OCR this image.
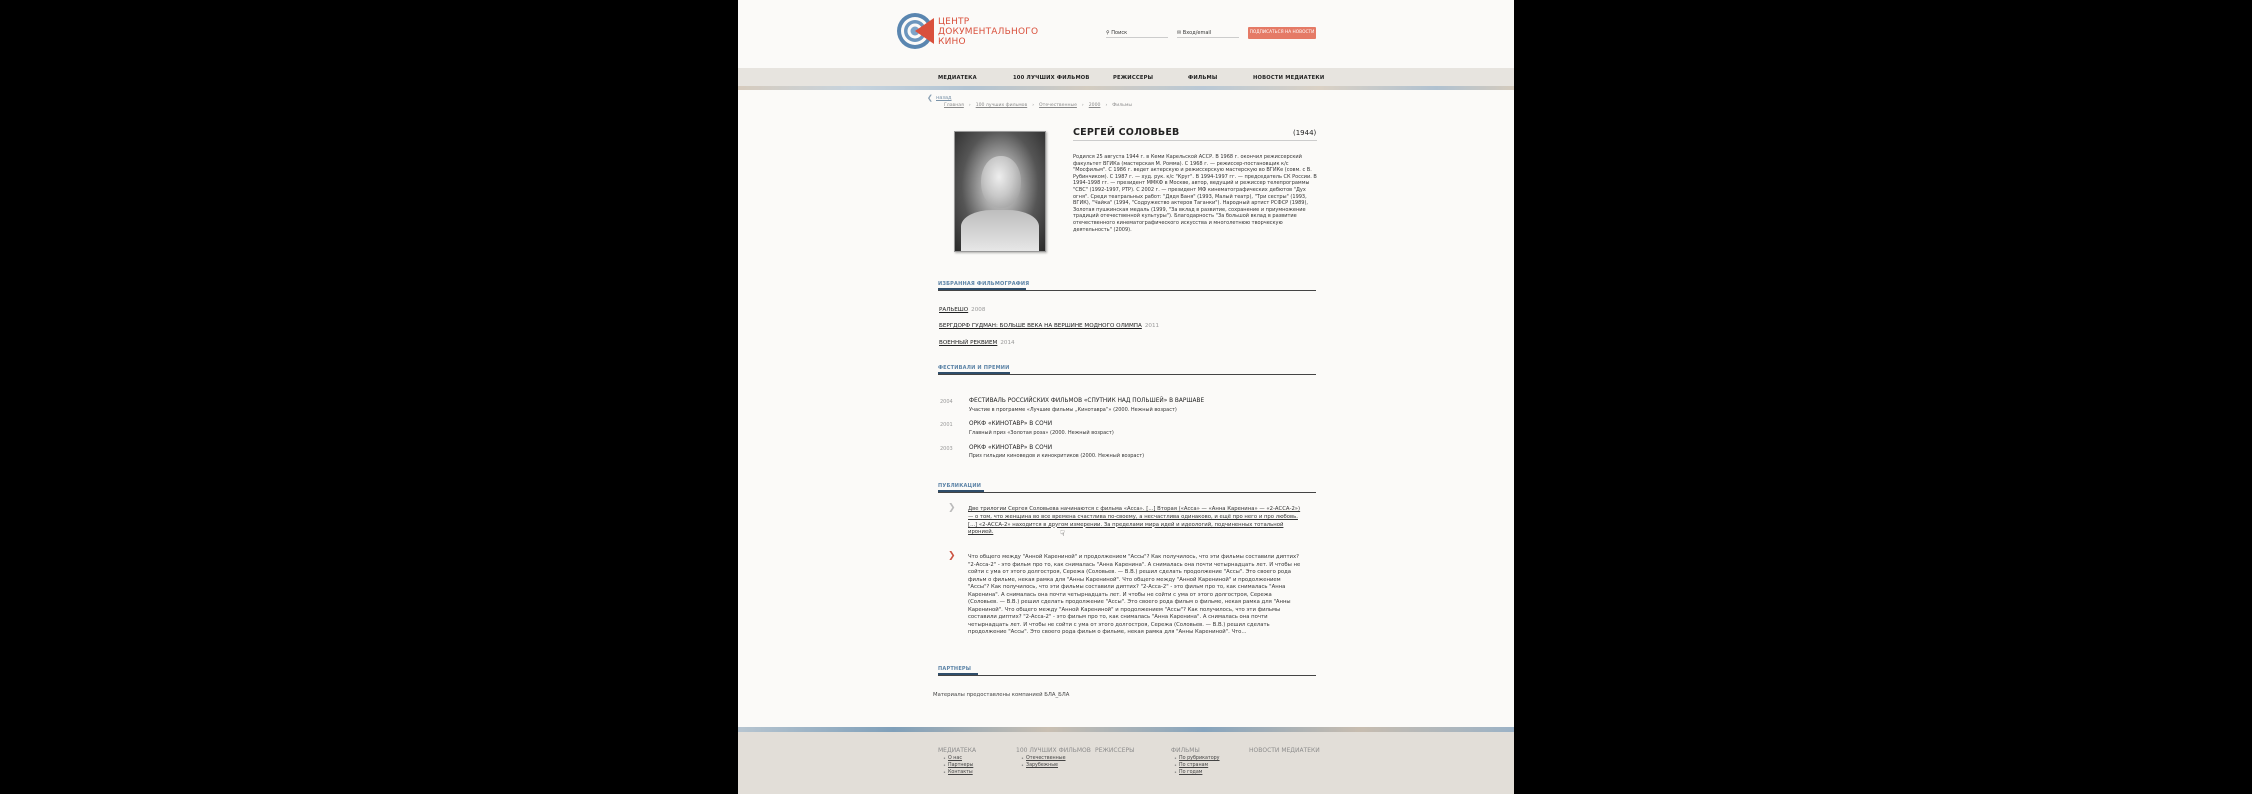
ЦЕНТР
ДОКУМЕНТАЛЬНОГО
КИНО
⚲ Поиск	✉ Вход/email	ПОДПИСАТЬСЯ НА НОВОСТИ
МЕДИАТЕКА	100 ЛУЧШИХ ФИЛЬМОВ	РЕЖИССЕРЫ	ФИЛЬМЫ	НОВОСТИ МЕДИАТЕКИ
❮ назад
Главная › 100 лучших фильмов › Отечественные › 2000 › Фильмы
СЕРГЕЙ СОЛОВЬЕВ	(1944)
Родился 25 августа 1944 г. в Кеми Карельской АССР. В 1968 г. окончил режиссерский факультет ВГИКа (мастерская М. Ромма). С 1968 г. — режиссер-постановщик к/с "Мосфильм". С 1986 г. ведет актерскую и режиссерскую мастерскую во ВГИКе (совм. с В. Рубинчиком). С 1987 г. — худ. рук. к/с "Круг". В 1994-1997 гг. — председатель СК России. В 1994-1998 гг. — президент ММКФ в Москве, автор, ведущий и режиссер телепрограммы "СВС" (1992-1997, РТР). С 2002 г. — президент МФ кинематографических дебютов "Дух огня". Среди театральных работ: "Дядя Ваня" (1993, Малый театр), "Три сестры" (1993, ВГИК), "Чайка" (1994, "Содружество актеров Таганки"). Народный артист РСФСР (1989), Золотая пушкинская медаль (1999, "За вклад в развитие, сохранение и приумножение традиций отечественной культуры"). Благодарность "За большой вклад в развитие отечественного кинематографического искусства и многолетнюю творческую деятельность" (2009).
ИЗБРАННАЯ ФИЛЬМОГРАФИЯ
РАЛЬЕШО 2008
БЕРГДОРФ ГУДМАН: БОЛЬШЕ ВЕКА НА ВЕРШИНЕ МОДНОГО ОЛИМПА 2011
ВОЕННЫЙ РЕКВИЕМ 2014
ФЕСТИВАЛИ И ПРЕМИИ
2004	ФЕСТИВАЛЬ РОССИЙСКИХ ФИЛЬМОВ «СПУТНИК НАД ПОЛЬШЕЙ» В ВАРШАВЕ
Участие в программе «Лучшие фильмы „Кинотавра“» (2000. Нежный возраст)
2001	ОРКФ «КИНОТАВР» В СОЧИ
Главный приз «Золотая роза» (2000. Нежный возраст)
2003	ОРКФ «КИНОТАВР» В СОЧИ
Приз гильдии киноведов и кинокритиков (2000. Нежный возраст)
ПУБЛИКАЦИИ
❯ Две трилогии Сергея Соловьева начинаются с фильма «Асса». [...] Вторая («Асса» — «Анна Каренина» — «2-АССА-2») — о том, что женщина во все времена счастлива по-своему, а несчастлива одинаково, и ещё про него и про любовь. [...] «2-АССА-2» находится в другом измерении. За пределами мира идей и идеологий, подчиненных тотальной иронией.	☟
❯ Что общего между "Анной Карениной" и продолжением "Ассы"? Как получилось, что эти фильмы составили диптих? "2-Асса-2" - это фильм про то, как снималась "Анна Каренина". А снималась она почти четырнадцать лет. И чтобы не сойти с ума от этого долгостроя, Сережа (Соловьев. — В.В.) решил сделать продолжение "Ассы". Это своего рода фильм о фильме, некая рамка для "Анны Карениной". Что общего между "Анной Карениной" и продолжением "Ассы"? Как получилось, что эти фильмы составили диптих? "2-Асса-2" - это фильм про то, как снималась "Анна Каренина". А снималась она почти четырнадцать лет. И чтобы не сойти с ума от этого долгостроя, Сережа (Соловьев. — В.В.) решил сделать продолжение "Ассы". Это своего рода фильм о фильме, некая рамка для "Анны Карениной". Что общего между "Анной Карениной" и продолжением "Ассы"? Как получилось, что эти фильмы составили диптих? "2-Асса-2" - это фильм про то, как снималась "Анна Каренина". А снималась она почти четырнадцать лет. И чтобы не сойти с ума от этого долгостроя, Сережа (Соловьев. — В.В.) решил сделать продолжение "Ассы". Это своего рода фильм о фильме, некая рамка для "Анны Карениной". Что...
ПАРТНЕРЫ
Материалы предоставлены компанией БЛА_БЛА
МЕДИАТЕКА
• О нас
• Партнеры
• Контакты
100 ЛУЧШИХ ФИЛЬМОВ
• Отечественные
• Зарубежные
РЕЖИССЕРЫ	ФИЛЬМЫ
• По рубрикатору
• По странам
• По годам
НОВОСТИ МЕДИАТЕКИ
